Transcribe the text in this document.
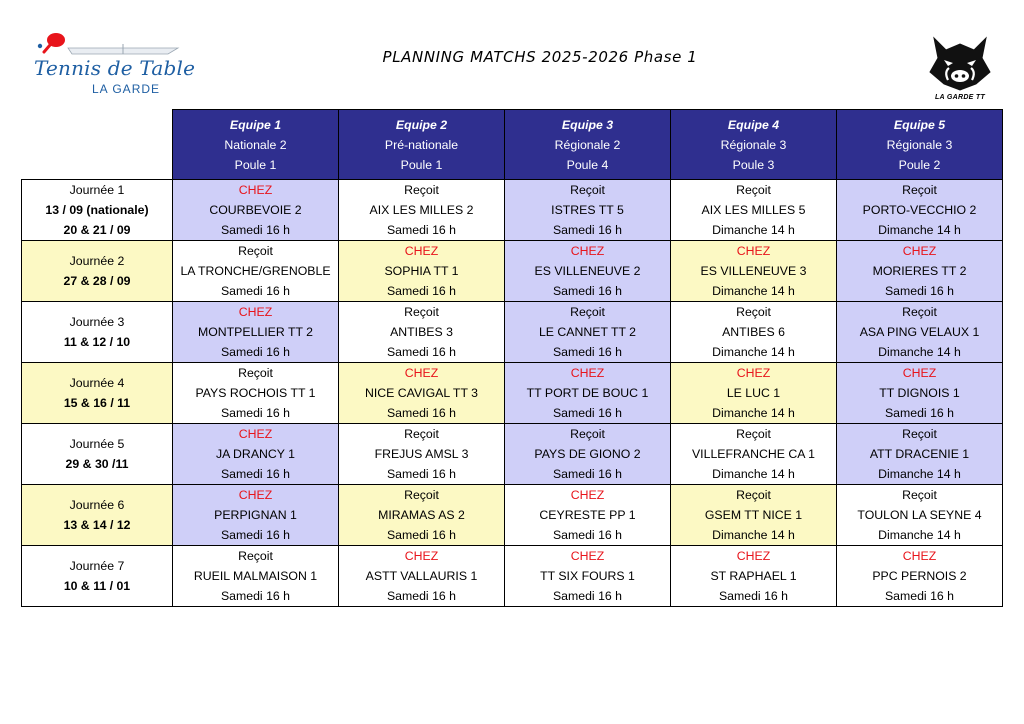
Tennis de Table
LA GARDE
PLANNING MATCHS 2025-2026 Phase 1
LA GARDE TT

	Equipe 1
Nationale 2
Poule 1	Equipe 2
Pré-nationale
Poule 1	Equipe 3
Régionale 2
Poule 4	Equipe 4
Régionale 3
Poule 3	Equipe 5
Régionale 3
Poule 2

Journée 1
13 / 09 (nationale)
20 & 21 / 09	CHEZ
COURBEVOIE 2
Samedi 16 h	Reçoit
AIX LES MILLES 2
Samedi 16 h	Reçoit
ISTRES TT 5
Samedi 16 h	Reçoit
AIX LES MILLES 5
Dimanche 14 h	Reçoit
PORTO-VECCHIO 2
Dimanche 14 h

Journée 2
27 & 28 / 09	Reçoit
LA TRONCHE/GRENOBLE
Samedi 16 h	CHEZ
SOPHIA TT 1
Samedi 16 h	CHEZ
ES VILLENEUVE 2
Samedi 16 h	CHEZ
ES VILLENEUVE 3
Dimanche 14 h	CHEZ
MORIERES TT 2
Samedi 16 h

Journée 3
11 & 12 / 10	CHEZ
MONTPELLIER TT 2
Samedi 16 h	Reçoit
ANTIBES 3
Samedi 16 h	Reçoit
LE CANNET TT 2
Samedi 16 h	Reçoit
ANTIBES 6
Dimanche 14 h	Reçoit
ASA PING VELAUX 1
Dimanche 14 h

Journée 4
15 & 16 / 11	Reçoit
PAYS ROCHOIS TT 1
Samedi 16 h	CHEZ
NICE CAVIGAL TT 3
Samedi 16 h	CHEZ
TT PORT DE BOUC 1
Samedi 16 h	CHEZ
LE LUC 1
Dimanche 14 h	CHEZ
TT DIGNOIS 1
Samedi 16 h

Journée 5
29 & 30 /11	CHEZ
JA DRANCY 1
Samedi 16 h	Reçoit
FREJUS AMSL 3
Samedi 16 h	Reçoit
PAYS DE GIONO 2
Samedi 16 h	Reçoit
VILLEFRANCHE CA 1
Dimanche 14 h	Reçoit
ATT DRACENIE 1
Dimanche 14 h

Journée 6
13 & 14 / 12	CHEZ
PERPIGNAN 1
Samedi 16 h	Reçoit
MIRAMAS AS 2
Samedi 16 h	CHEZ
CEYRESTE PP 1
Samedi 16 h	Reçoit
GSEM TT NICE 1
Dimanche 14 h	Reçoit
TOULON LA SEYNE 4
Dimanche 14 h

Journée 7
10 & 11 / 01	Reçoit
RUEIL MALMAISON 1
Samedi 16 h	CHEZ
ASTT VALLAURIS 1
Samedi 16 h	CHEZ
TT SIX FOURS 1
Samedi 16 h	CHEZ
ST RAPHAEL 1
Samedi 16 h	CHEZ
PPC PERNOIS 2
Samedi 16 h
